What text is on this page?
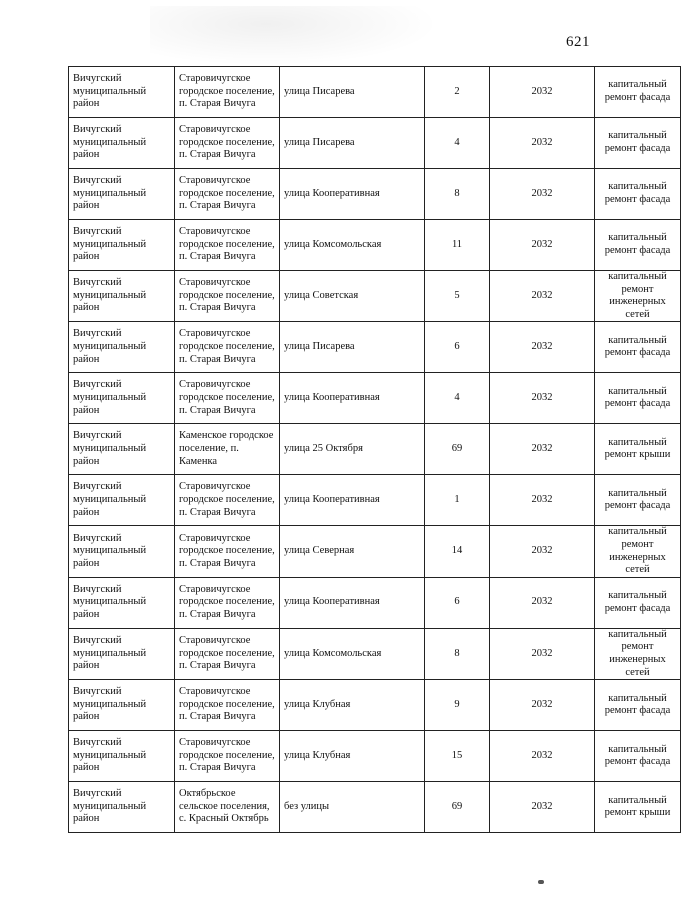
621
Вичугский муниципальный район	Старовичугское городское поселение, п. Старая Вичуга	улица Писарева	2	2032	капитальный ремонт фасада

Вичугский муниципальный район	Старовичугское городское поселение, п. Старая Вичуга	улица Писарева	4	2032	капитальный ремонт фасада

Вичугский муниципальный район	Старовичугское городское поселение, п. Старая Вичуга	улица Кооперативная	8	2032	капитальный ремонт фасада

Вичугский муниципальный район	Старовичугское городское поселение, п. Старая Вичуга	улица Комсомольская	11	2032	капитальный ремонт фасада

Вичугский муниципальный район	Старовичугское городское поселение, п. Старая Вичуга	улица Советская	5	2032	капитальный ремонт инженерных сетей

Вичугский муниципальный район	Старовичугское городское поселение, п. Старая Вичуга	улица Писарева	6	2032	капитальный ремонт фасада

Вичугский муниципальный район	Старовичугское городское поселение, п. Старая Вичуга	улица Кооперативная	4	2032	капитальный ремонт фасада

Вичугский муниципальный район	Каменское городское поселение, п. Каменка	улица 25 Октября	69	2032	капитальный ремонт крыши

Вичугский муниципальный район	Старовичугское городское поселение, п. Старая Вичуга	улица Кооперативная	1	2032	капитальный ремонт фасада

Вичугский муниципальный район	Старовичугское городское поселение, п. Старая Вичуга	улица Северная	14	2032	капитальный ремонт инженерных сетей

Вичугский муниципальный район	Старовичугское городское поселение, п. Старая Вичуга	улица Кооперативная	6	2032	капитальный ремонт фасада

Вичугский муниципальный район	Старовичугское городское поселение, п. Старая Вичуга	улица Комсомольская	8	2032	капитальный ремонт инженерных сетей

Вичугский муниципальный район	Старовичугское городское поселение, п. Старая Вичуга	улица Клубная	9	2032	капитальный ремонт фасада

Вичугский муниципальный район	Старовичугское городское поселение, п. Старая Вичуга	улица Клубная	15	2032	капитальный ремонт фасада

Вичугский муниципальный район	Октябрьское сельское поселения, с. Красный Октябрь	без улицы	69	2032	капитальный ремонт крыши
